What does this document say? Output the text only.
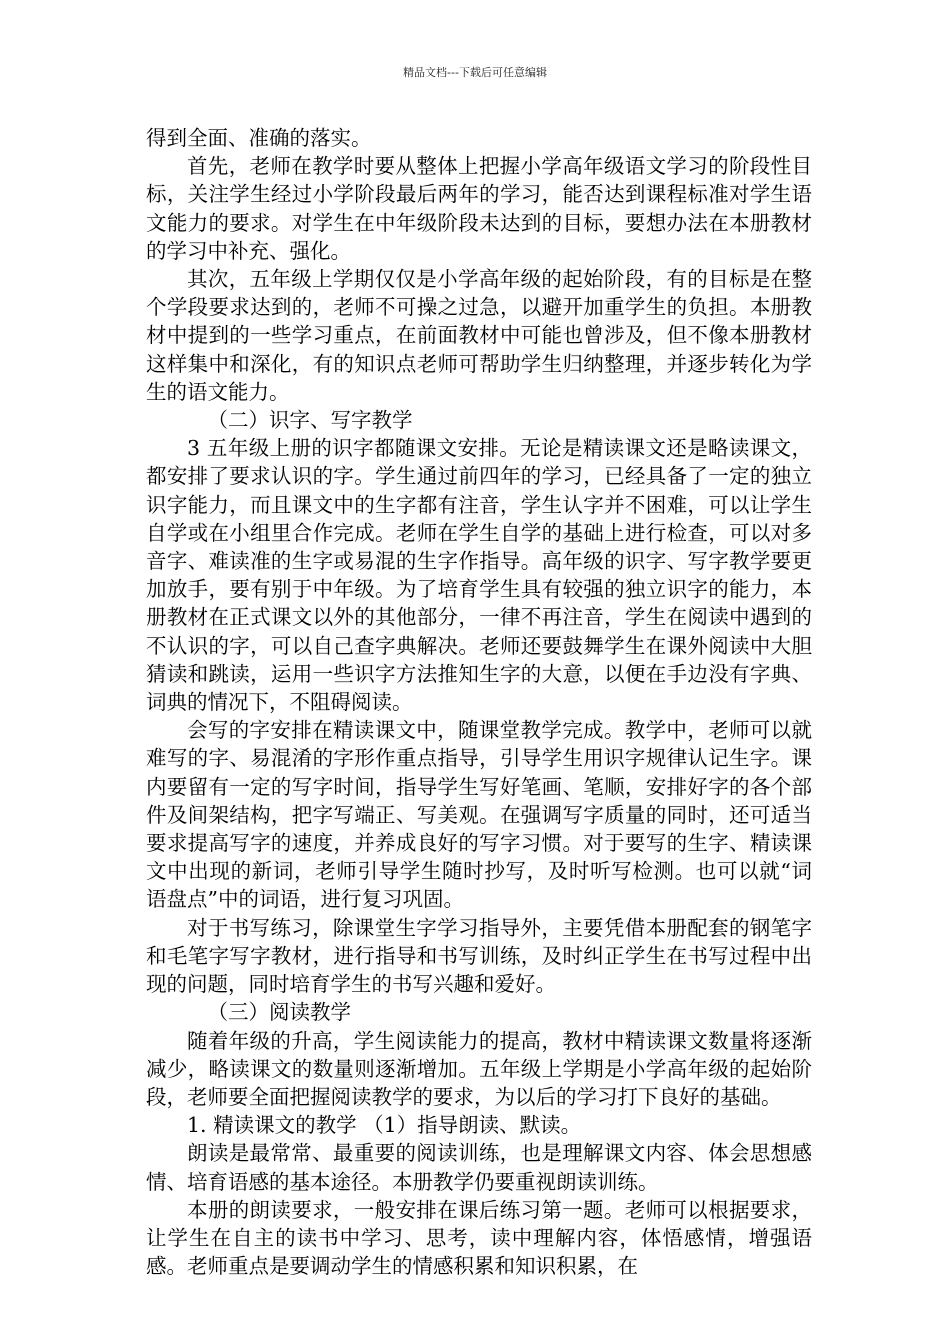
精品文档---下载后可任意编辑

得到全面、准确的落实。

首先，老师在教学时要从整体上把握小学高年级语文学习的阶段性目标，关注学生经过小学阶段最后两年的学习，能否达到课程标准对学生语文能力的要求。对学生在中年级阶段未达到的目标，要想办法在本册教材的学习中补充、强化。

其次，五年级上学期仅仅是小学高年级的起始阶段，有的目标是在整个学段要求达到的，老师不可操之过急，以避开加重学生的负担。本册教材中提到的一些学习重点，在前面教材中可能也曾涉及，但不像本册教材这样集中和深化，有的知识点老师可帮助学生归纳整理，并逐步转化为学生的语文能力。

（二）识字、写字教学

3 五年级上册的识字都随课文安排。无论是精读课文还是略读课文，都安排了要求认识的字。学生通过前四年的学习，已经具备了一定的独立识字能力，而且课文中的生字都有注音，学生认字并不困难，可以让学生自学或在小组里合作完成。老师在学生自学的基础上进行检查，可以对多音字、难读准的生字或易混的生字作指导。高年级的识字、写字教学要更加放手，要有别于中年级。为了培育学生具有较强的独立识字的能力，本册教材在正式课文以外的其他部分，一律不再注音，学生在阅读中遇到的不认识的字，可以自己查字典解决。老师还要鼓舞学生在课外阅读中大胆猜读和跳读，运用一些识字方法推知生字的大意，以便在手边没有字典、词典的情况下，不阻碍阅读。

会写的字安排在精读课文中，随课堂教学完成。教学中，老师可以就难写的字、易混淆的字形作重点指导，引导学生用识字规律认记生字。课内要留有一定的写字时间，指导学生写好笔画、笔顺，安排好字的各个部件及间架结构，把字写端正、写美观。在强调写字质量的同时，还可适当要求提高写字的速度，并养成良好的写字习惯。对于要写的生字、精读课文中出现的新词，老师引导学生随时抄写，及时听写检测。也可以就“词语盘点”中的词语，进行复习巩固。

对于书写练习，除课堂生字学习指导外，主要凭借本册配套的钢笔字和毛笔字写字教材，进行指导和书写训练，及时纠正学生在书写过程中出现的问题，同时培育学生的书写兴趣和爱好。

（三）阅读教学

随着年级的升高，学生阅读能力的提高，教材中精读课文数量将逐渐减少，略读课文的数量则逐渐增加。五年级上学期是小学高年级的起始阶段，老师要全面把握阅读教学的要求，为以后的学习打下良好的基础。

1. 精读课文的教学 （1）指导朗读、默读。

朗读是最常常、最重要的阅读训练，也是理解课文内容、体会思想感情、培育语感的基本途径。本册教学仍要重视朗读训练。

本册的朗读要求，一般安排在课后练习第一题。老师可以根据要求，让学生在自主的读书中学习、思考，读中理解内容，体悟感情，增强语感。老师重点是要调动学生的情感积累和知识积累，在
